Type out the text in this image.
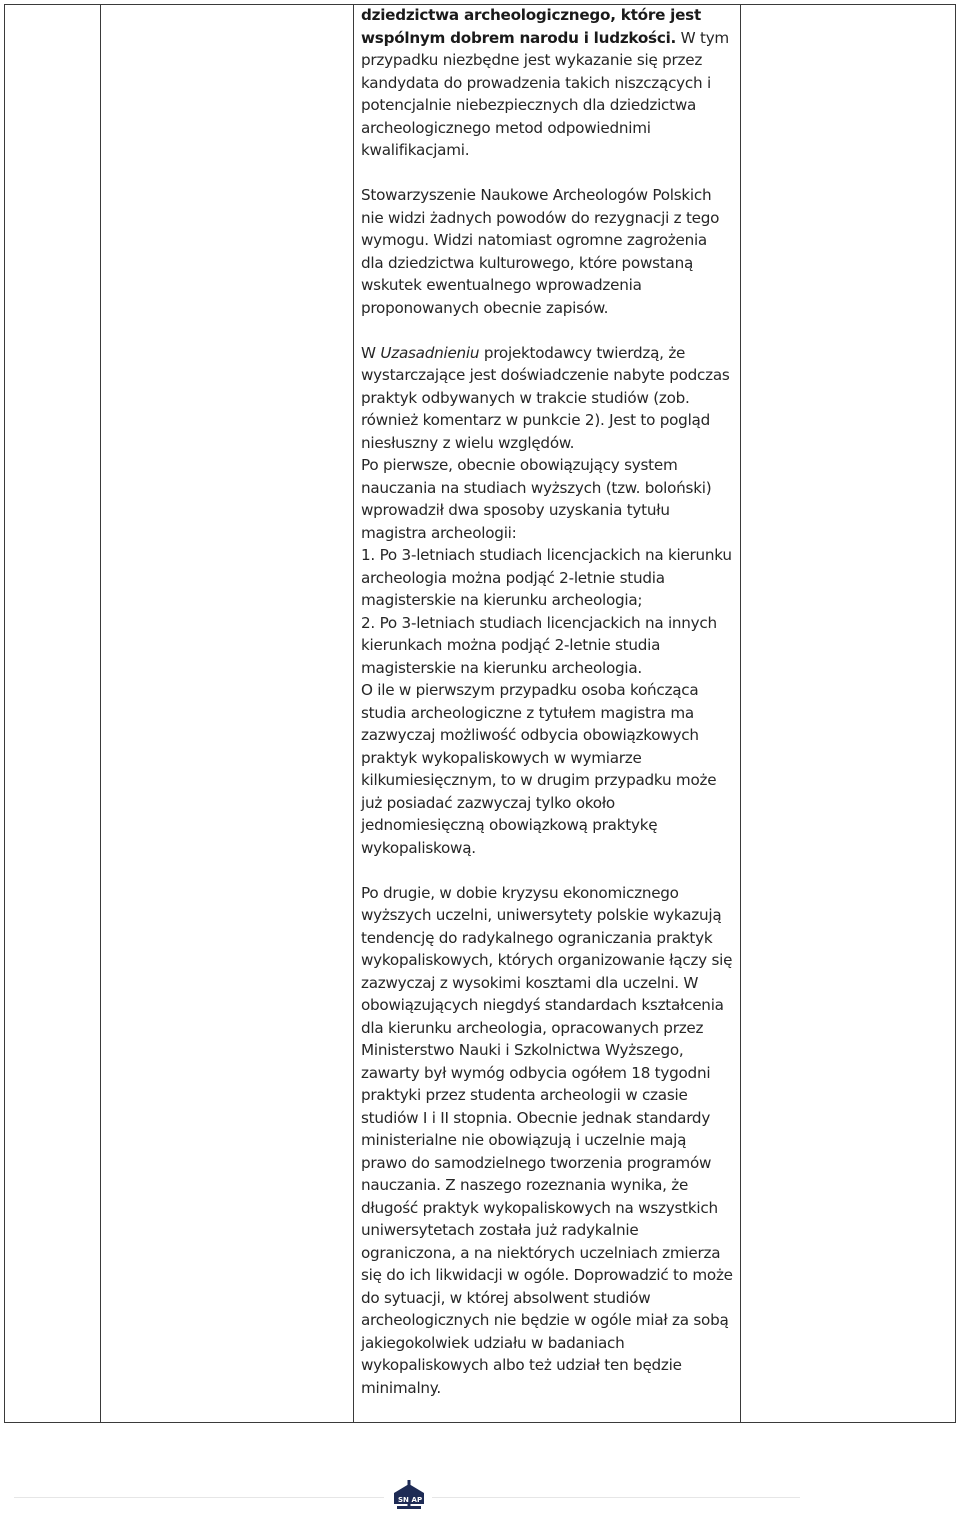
dziedzictwa archeologicznego, które jest wspólnym dobrem narodu i ludzkości. W tym przypadku niezbędne jest wykazanie się przez kandydata do prowadzenia takich niszczących i potencjalnie niebezpiecznych dla dziedzictwa archeologicznego metod odpowiednimi kwalifikacjami.

Stowarzyszenie Naukowe Archeologów Polskich nie widzi żadnych powodów do rezygnacji z tego wymogu. Widzi natomiast ogromne zagrożenia dla dziedzictwa kulturowego, które powstaną wskutek ewentualnego wprowadzenia proponowanych obecnie zapisów.

W Uzasadnieniu projektodawcy twierdzą, że wystarczające jest doświadczenie nabyte podczas praktyk odbywanych w trakcie studiów (zob. również komentarz w punkcie 2). Jest to pogląd niesłuszny z wielu względów.

Po pierwsze, obecnie obowiązujący system nauczania na studiach wyższych (tzw. boloński) wprowadził dwa sposoby uzyskania tytułu magistra archeologii:

1. Po 3-letniach studiach licencjackich na kierunku archeologia można podjąć 2-letnie studia magisterskie na kierunku archeologia;

2. Po 3-letniach studiach licencjackich na innych kierunkach można podjąć 2-letnie studia magisterskie na kierunku archeologia.

O ile w pierwszym przypadku osoba kończąca studia archeologiczne z tytułem magistra ma zazwyczaj możliwość odbycia obowiązkowych praktyk wykopaliskowych w wymiarze kilkumiesięcznym, to w drugim przypadku może już posiadać zazwyczaj tylko około jednomiesięczną obowiązkową praktykę wykopaliskową.

Po drugie, w dobie kryzysu ekonomicznego wyższych uczelni, uniwersytety polskie wykazują tendencję do radykalnego ograniczania praktyk wykopaliskowych, których organizowanie łączy się zazwyczaj z wysokimi kosztami dla uczelni. W obowiązujących niegdyś standardach kształcenia dla kierunku archeologia, opracowanych przez Ministerstwo Nauki i Szkolnictwa Wyższego, zawarty był wymóg odbycia ogółem 18 tygodni praktyki przez studenta archeologii w czasie studiów I i II stopnia. Obecnie jednak standardy ministerialne nie obowiązują i uczelnie mają prawo do samodzielnego tworzenia programów nauczania. Z naszego rozeznania wynika, że długość praktyk wykopaliskowych na wszystkich uniwersytetach została już radykalnie ograniczona, a na niektórych uczelniach zmierza się do ich likwidacji w ogóle. Doprowadzić to może do sytuacji, w której absolwent studiów archeologicznych nie będzie w ogóle miał za sobą jakiegokolwiek udziału w badaniach wykopaliskowych albo też udział ten będzie minimalny.

S N A P
